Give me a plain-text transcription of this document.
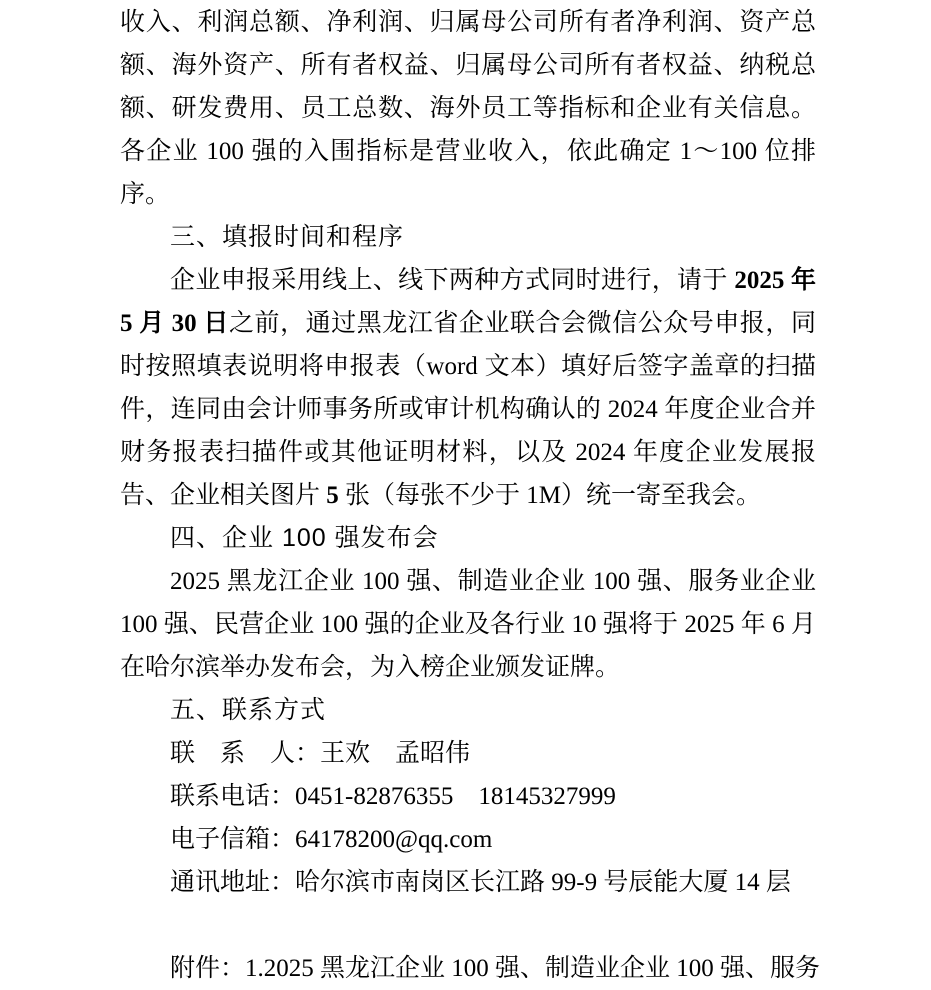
收入、利润总额、净利润、归属母公司所有者净利润、资产总额、海外资产、所有者权益、归属母公司所有者权益、纳税总额、研发费用、员工总数、海外员工等指标和企业有关信息。各企业 100 强的入围指标是营业收入，依此确定 1～100 位排序。

三、填报时间和程序

企业申报采用线上、线下两种方式同时进行，请于 2025 年 5 月 30 日之前，通过黑龙江省企业联合会微信公众号申报，同时按照填表说明将申报表（word 文本）填好后签字盖章的扫描件，连同由会计师事务所或审计机构确认的 2024 年度企业合并财务报表扫描件或其他证明材料，以及 2024 年度企业发展报告、企业相关图片 5 张（每张不少于 1M）统一寄至我会。

四、企业 100 强发布会

2025 黑龙江企业 100 强、制造业企业 100 强、服务业企业 100 强、民营企业 100 强的企业及各行业 10 强将于 2025 年 6 月在哈尔滨举办发布会，为入榜企业颁发证牌。

五、联系方式

联　系　人：王欢　孟昭伟

联系电话：0451-82876355　18145327999

电子信箱：64178200@qq.com

通讯地址：哈尔滨市南岗区长江路 99-9 号辰能大厦 14 层

附件：1.2025 黑龙江企业 100 强、制造业企业 100 强、服务
